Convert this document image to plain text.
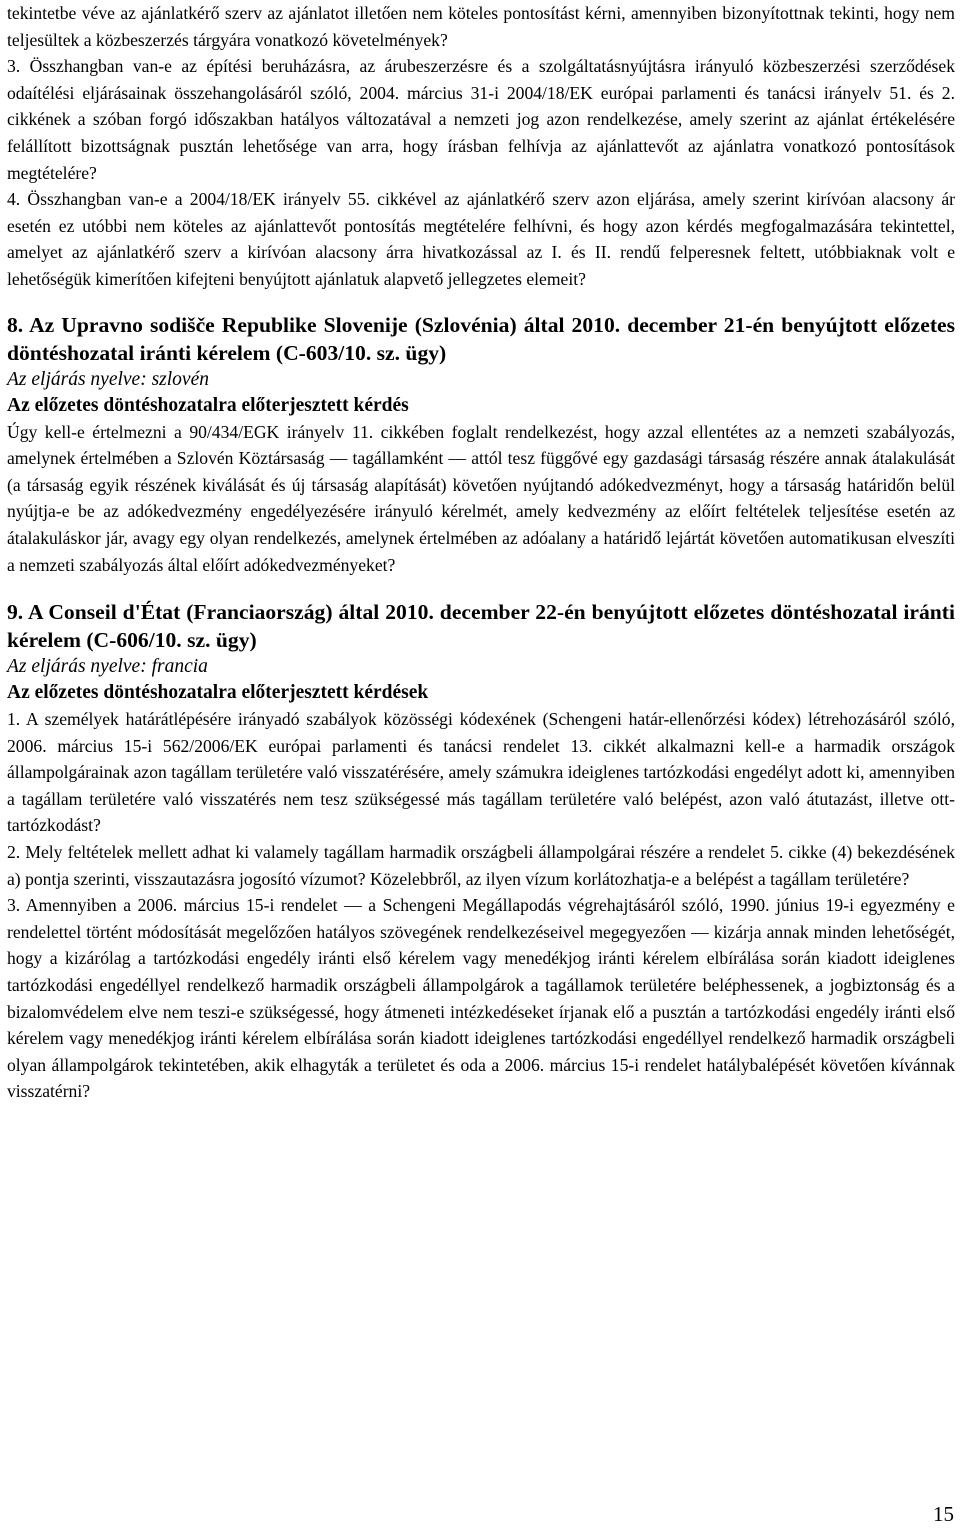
tekintetbe véve az ajánlatkérő szerv az ajánlatot illetően nem köteles pontosítást kérni, amennyiben bizonyítottnak tekinti, hogy nem teljesültek a közbeszerzés tárgyára vonatkozó követelmények?

3. Összhangban van-e az építési beruházásra, az árubeszerzésre és a szolgáltatásnyújtásra irányuló közbeszerzési szerződések odaítélési eljárásainak összehangolásáról szóló, 2004. március 31-i 2004/18/EK európai parlamenti és tanácsi irányelv 51. és 2. cikkének a szóban forgó időszakban hatályos változatával a nemzeti jog azon rendelkezése, amely szerint az ajánlat értékelésére felállított bizottságnak pusztán lehetősége van arra, hogy írásban felhívja az ajánlattevőt az ajánlatra vonatkozó pontosítások megtételére?

4. Összhangban van-e a 2004/18/EK irányelv 55. cikkével az ajánlatkérő szerv azon eljárása, amely szerint kirívóan alacsony ár esetén ez utóbbi nem köteles az ajánlattevőt pontosítás megtételére felhívni, és hogy azon kérdés megfogalmazására tekintettel, amelyet az ajánlatkérő szerv a kirívóan alacsony árra hivatkozással az I. és II. rendű felperesnek feltett, utóbbiaknak volt e lehetőségük kimerítően kifejteni benyújtott ajánlatuk alapvető jellegzetes elemeit?

8. Az Upravno sodišče Republike Slovenije (Szlovénia) által 2010. december 21-én benyújtott előzetes döntéshozatal iránti kérelem (C-603/10. sz. ügy)
Az eljárás nyelve: szlovén
Az előzetes döntéshozatalra előterjesztett kérdés

Úgy kell-e értelmezni a 90/434/EGK irányelv 11. cikkében foglalt rendelkezést, hogy azzal ellentétes az a nemzeti szabályozás, amelynek értelmében a Szlovén Köztársaság — tagállamként — attól tesz függővé egy gazdasági társaság részére annak átalakulását (a társaság egyik részének kiválását és új társaság alapítását) követően nyújtandó adókedvezményt, hogy a társaság határidőn belül nyújtja-e be az adókedvezmény engedélyezésére irányuló kérelmét, amely kedvezmény az előírt feltételek teljesítése esetén az átalakuláskor jár, avagy egy olyan rendelkezés, amelynek értelmében az adóalany a határidő lejártát követően automatikusan elveszíti a nemzeti szabályozás által előírt adókedvezményeket?

9. A Conseil d'État (Franciaország) által 2010. december 22-én benyújtott előzetes döntéshozatal iránti kérelem (C-606/10. sz. ügy)
Az eljárás nyelve: francia
Az előzetes döntéshozatalra előterjesztett kérdések

1. A személyek határátlépésére irányadó szabályok közösségi kódexének (Schengeni határ-ellenőrzési kódex) létrehozásáról szóló, 2006. március 15-i 562/2006/EK európai parlamenti és tanácsi rendelet 13. cikkét alkalmazni kell-e a harmadik országok állampolgárainak azon tagállam területére való visszatérésére, amely számukra ideiglenes tartózkodási engedélyt adott ki, amennyiben a tagállam területére való visszatérés nem tesz szükségessé más tagállam területére való belépést, azon való átutazást, illetve ott-tartózkodást?

2. Mely feltételek mellett adhat ki valamely tagállam harmadik országbeli állampolgárai részére a rendelet 5. cikke (4) bekezdésének a) pontja szerinti, visszautazásra jogosító vízumot? Közelebbről, az ilyen vízum korlátozhatja-e a belépést a tagállam területére?

3. Amennyiben a 2006. március 15-i rendelet — a Schengeni Megállapodás végrehajtásáról szóló, 1990. június 19-i egyezmény e rendelettel történt módosítását megelőzően hatályos szövegének rendelkezéseivel megegyezően — kizárja annak minden lehetőségét, hogy a kizárólag a tartózkodási engedély iránti első kérelem vagy menedékjog iránti kérelem elbírálása során kiadott ideiglenes tartózkodási engedéllyel rendelkező harmadik országbeli állampolgárok a tagállamok területére beléphessenek, a jogbiztonság és a bizalomvédelem elve nem teszi-e szükségessé, hogy átmeneti intézkedéseket írjanak elő a pusztán a tartózkodási engedély iránti első kérelem vagy menedékjog iránti kérelem elbírálása során kiadott ideiglenes tartózkodási engedéllyel rendelkező harmadik országbeli olyan állampolgárok tekintetében, akik elhagyták a területet és oda a 2006. március 15-i rendelet hatálybalépését követően kívánnak visszatérni?

15
